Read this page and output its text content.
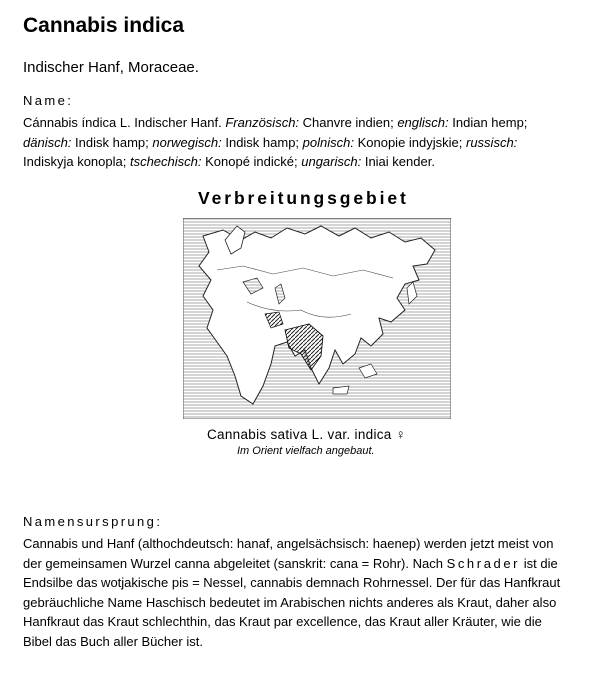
Cannabis indica
Indischer Hanf, Moraceae.
Name:
Cánnabis índica L. Indischer Hanf. Französisch: Chanvre indien; englisch: Indian hemp; dänisch: Indisk hamp; norwegisch: Indisk hamp; polnisch: Konopie indyjskie; russisch: Indiskyja konopla; tschechisch: Konopé indické; ungarisch: Iniai kender.
Verbreitungsgebiet
Cannabis sativa L. var. indica ♀
Im Orient vielfach angebaut.
Namensursprung:
Cannabis und Hanf (althochdeutsch: hanaf, angelsächsisch: haenep) werden jetzt meist von der gemeinsamen Wurzel canna abgeleitet (sanskrit: cana = Rohr). Nach Schrader ist die Endsilbe das wotjakische pis = Nessel, cannabis demnach Rohrnessel. Der für das Hanfkraut gebräuchliche Name Haschisch bedeutet im Arabischen nichts anderes als Kraut, daher also Hanfkraut das Kraut schlechthin, das Kraut par excellence, das Kraut aller Kräuter, wie die Bibel das Buch aller Bücher ist.
